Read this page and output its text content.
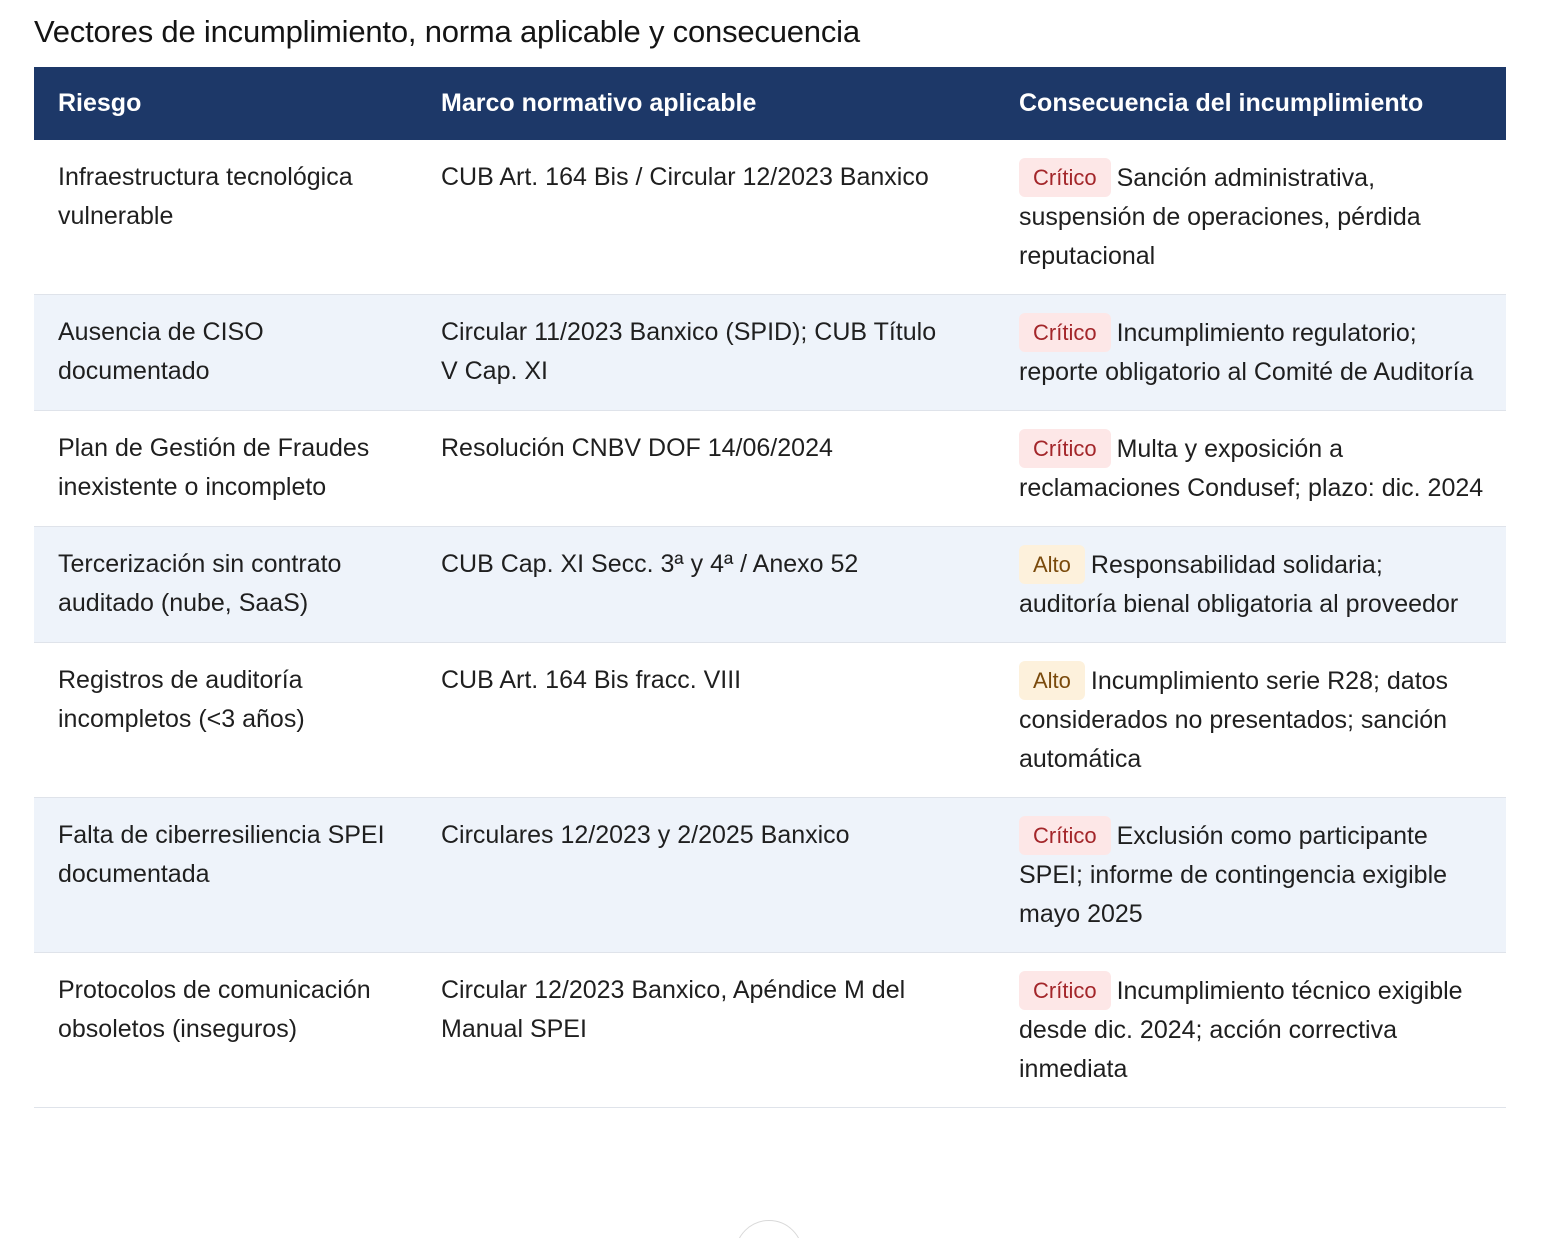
Vectores de incumplimiento, norma aplicable y consecuencia
Riesgo	Marco normativo aplicable	Consecuencia del incumplimiento
Infraestructura tecnológica vulnerable	CUB Art. 164 Bis / Circular 12/2023 Banxico	Crítico Sanción administrativa, suspensión de operaciones, pérdida reputacional
Ausencia de CISO documentado	Circular 11/2023 Banxico (SPID); CUB Título V Cap. XI	Crítico Incumplimiento regulatorio; reporte obligatorio al Comité de Auditoría
Plan de Gestión de Fraudes inexistente o incompleto	Resolución CNBV DOF 14/06/2024	Crítico Multa y exposición a reclamaciones Condusef; plazo: dic. 2024
Tercerización sin contrato auditado (nube, SaaS)	CUB Cap. XI Secc. 3ª y 4ª / Anexo 52	Alto Responsabilidad solidaria; auditoría bienal obligatoria al proveedor
Registros de auditoría incompletos (<3 años)	CUB Art. 164 Bis fracc. VIII	Alto Incumplimiento serie R28; datos considerados no presentados; sanción automática
Falta de ciberresiliencia SPEI documentada	Circulares 12/2023 y 2/2025 Banxico	Crítico Exclusión como participante SPEI; informe de contingencia exigible mayo 2025
Protocolos de comunicación obsoletos (inseguros)	Circular 12/2023 Banxico, Apéndice M del Manual SPEI	Crítico Incumplimiento técnico exigible desde dic. 2024; acción correctiva inmediata
